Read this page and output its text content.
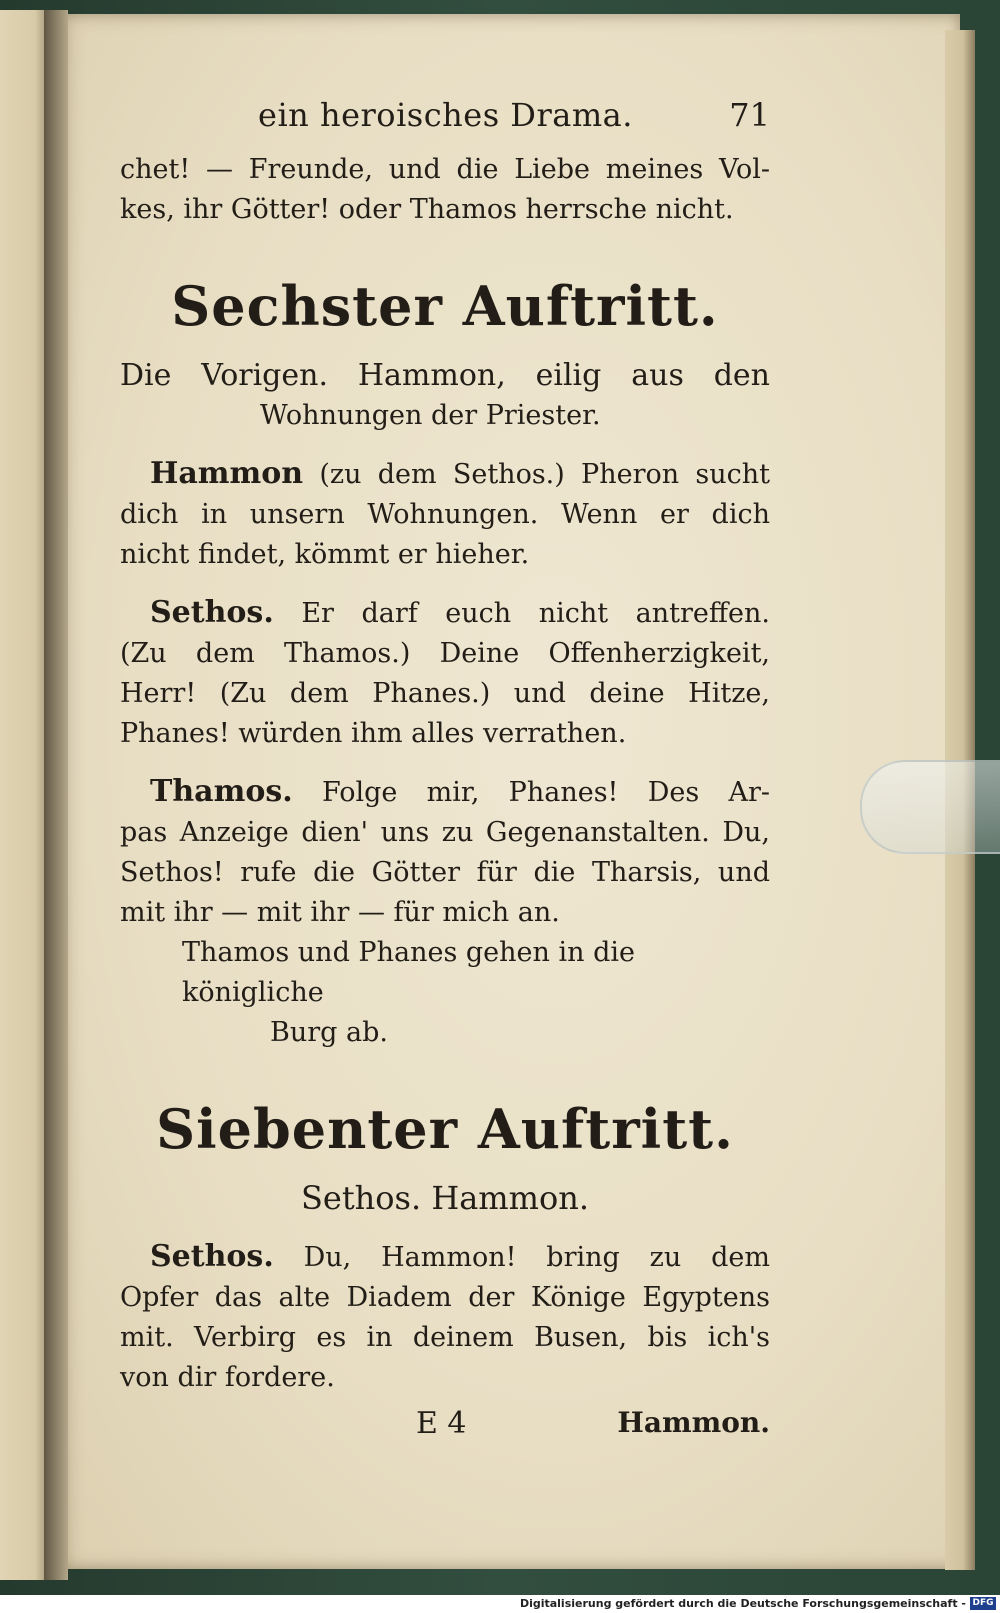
ein heroisches Drama.	71

chet! — Freunde, und die Liebe meines Vol-

kes, ihr Götter! oder Thamos herrsche nicht.

Sechster Auftritt.

Die Vorigen. Hammon, eilig aus den

Wohnungen der Priester.

Hammon (zu dem Sethos.) Pheron sucht

dich in unsern Wohnungen. Wenn er dich

nicht findet, kömmt er hieher.

Sethos. Er darf euch nicht antreffen.

(Zu dem Thamos.) Deine Offenherzigkeit,

Herr! (Zu dem Phanes.) und deine Hitze,

Phanes! würden ihm alles verrathen.

Thamos. Folge mir, Phanes! Des Ar-

pas Anzeige dien' uns zu Gegenanstalten. Du,

Sethos! rufe die Götter für die Tharsis, und

mit ihr — mit ihr — für mich an.

Thamos und Phanes gehen in die königliche
Burg ab.
Siebenter Auftritt.
Sethos. Hammon.

Sethos. Du, Hammon! bring zu dem

Opfer das alte Diadem der Könige Egyptens

mit. Verbirg es in deinem Busen, bis ich's

von dir fordere.

E 4	Hammon.
Digitalisierung gefördert durch die Deutsche Forschungsgemeinschaft - DFG
